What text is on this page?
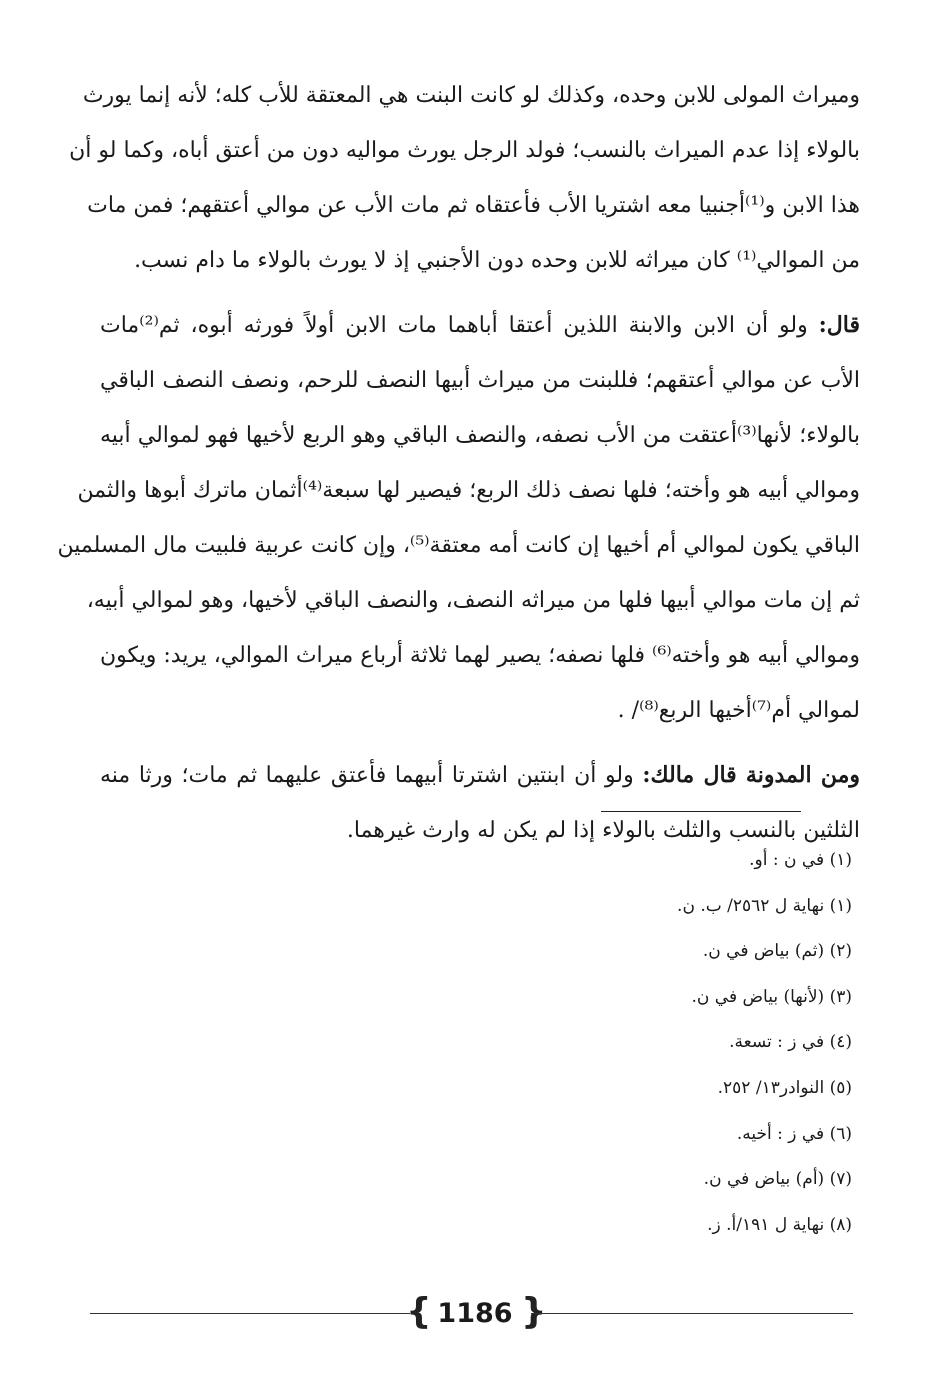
وميراث المولى للابن وحده، وكذلك لو كانت البنت هي المعتقة للأب كله؛ لأنه إنما يورث
بالولاء إذا عدم الميراث بالنسب؛ فولد الرجل يورث مواليه دون من أعتق أباه، وكما لو أن
هذا الابن و⁽¹⁾أجنبيا معه اشتريا الأب فأعتقاه ثم مات الأب عن موالي أعتقهم؛ فمن مات
من الموالي⁽¹⁾ كان ميراثه للابن وحده دون الأجنبي إذ لا يورث بالولاء ما دام نسب.
قال: ولو أن الابن والابنة اللذين أعتقا أباهما مات الابن أولاً فورثه أبوه، ثم⁽²⁾مات
الأب عن موالي أعتقهم؛ فللبنت من ميراث أبيها النصف للرحم، ونصف النصف الباقي
بالولاء؛ لأنها⁽³⁾أعتقت من الأب نصفه، والنصف الباقي وهو الربع لأخيها فهو لموالي أبيه
وموالي أبيه هو وأخته؛ فلها نصف ذلك الربع؛ فيصير لها سبعة⁽⁴⁾أثمان ماترك أبوها والثمن
الباقي يكون لموالي أم أخيها إن كانت أمه معتقة⁽⁵⁾، وإن كانت عربية فلبيت مال المسلمين
ثم إن مات موالي أبيها فلها من ميراثه النصف، والنصف الباقي لأخيها، وهو لموالي أبيه،
وموالي أبيه هو وأخته⁽⁶⁾ فلها نصفه؛ يصير لهما ثلاثة أرباع ميراث الموالي، يريد: ويكون
لموالي أم⁽⁷⁾أخيها الربع⁽⁸⁾/ .
ومن المدونة قال مالك: ولو أن ابنتين اشترتا أبيهما فأعتق عليهما ثم مات؛ ورثا منه
الثلثين بالنسب والثلث بالولاء إذا لم يكن له وارث غيرهما.
(١) في ن : أو.
(١) نهاية ل ٢٥٦٢/ ب. ن.
(٢) (ثم) بياض في ن.
(٣) (لأنها) بياض في ن.
(٤) في ز : تسعة.
(٥) النوادر١٣/ ٢٥٢.
(٦) في ز : أخيه.
(٧) (أم) بياض في ن.
(٨) نهاية ل ١٩١/أ. ز.
{ 1186 }
